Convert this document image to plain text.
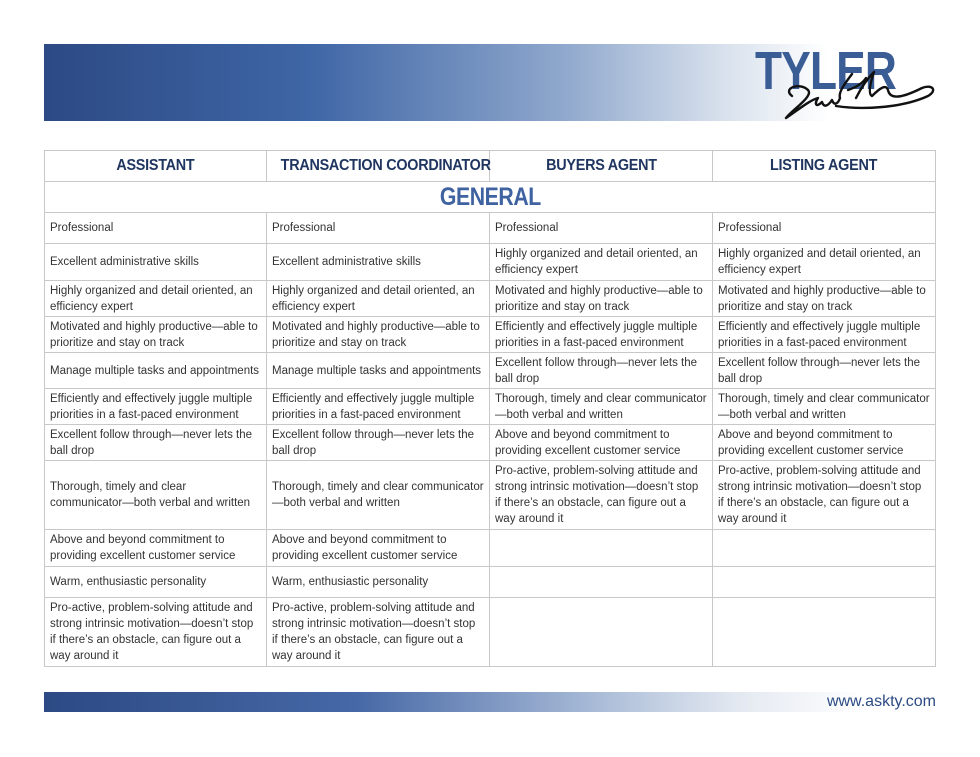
TYLER
ASSISTANT	TRANSACTION COORDINATOR	BUYERS AGENT	LISTING AGENT
GENERAL			
Professional	Professional	Professional	Professional
Excellent administrative skills	Excellent administrative skills	Highly organized and detail oriented, an efficiency expert	Highly organized and detail oriented, an efficiency expert
Highly organized and detail oriented, an efficiency expert	Highly organized and detail oriented, an efficiency expert	Motivated and highly productive—able to prioritize and stay on track	Motivated and highly productive—able to prioritize and stay on track
Motivated and highly productive—able to prioritize and stay on track	Motivated and highly productive—able to prioritize and stay on track	Efficiently and effectively juggle multiple priorities in a fast-paced environment	Efficiently and effectively juggle multiple priorities in a fast-paced environment
Manage multiple tasks and appointments	Manage multiple tasks and appointments	Excellent follow through—never lets the ball drop	Excellent follow through—never lets the ball drop
Efficiently and effectively juggle multiple priorities in a fast-paced environment	Efficiently and effectively juggle multiple priorities in a fast-paced environment	Thorough, timely and clear communicator—both verbal and written	Thorough, timely and clear communicator—both verbal and written
Excellent follow through—never lets the ball drop	Excellent follow through—never lets the ball drop	Above and beyond commitment to providing excellent customer service	Above and beyond commitment to providing excellent customer service
Thorough, timely and clear communicator—both verbal and written	Thorough, timely and clear communicator—both verbal and written	Pro-active, problem-solving attitude and strong intrinsic motivation—doesn’t stop if there’s an obstacle, can figure out a way around it	Pro-active, problem-solving attitude and strong intrinsic motivation—doesn’t stop if there’s an obstacle, can figure out a way around it
Above and beyond commitment to providing excellent customer service	Above and beyond commitment to providing excellent customer service		
Warm, enthusiastic personality	Warm, enthusiastic personality		
Pro-active, problem-solving attitude and strong intrinsic motivation—doesn’t stop if there’s an obstacle, can figure out a way around it	Pro-active, problem-solving attitude and strong intrinsic motivation—doesn’t stop if there’s an obstacle, can figure out a way around it		
www.askty.com
